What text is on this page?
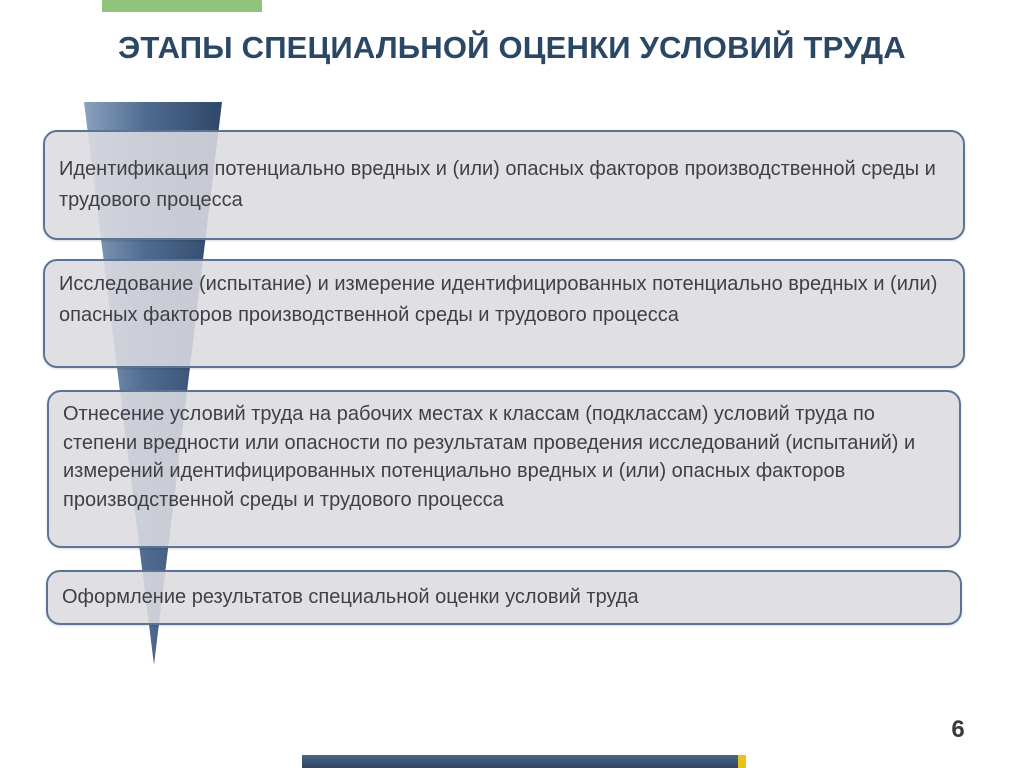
ЭТАПЫ СПЕЦИАЛЬНОЙ ОЦЕНКИ УСЛОВИЙ ТРУДА
Идентификация потенциально вредных и (или) опасных факторов производственной среды и трудового процесса
Исследование (испытание) и измерение идентифицированных потенциально вредных и (или) опасных факторов производственной среды и трудового процесса
Отнесение условий труда на рабочих местах к классам (подклассам) условий труда по степени вредности или опасности по результатам проведения исследований (испытаний) и измерений идентифицированных потенциально вредных и (или) опасных факторов производственной среды и трудового процесса
Оформление результатов специальной оценки условий труда
6
